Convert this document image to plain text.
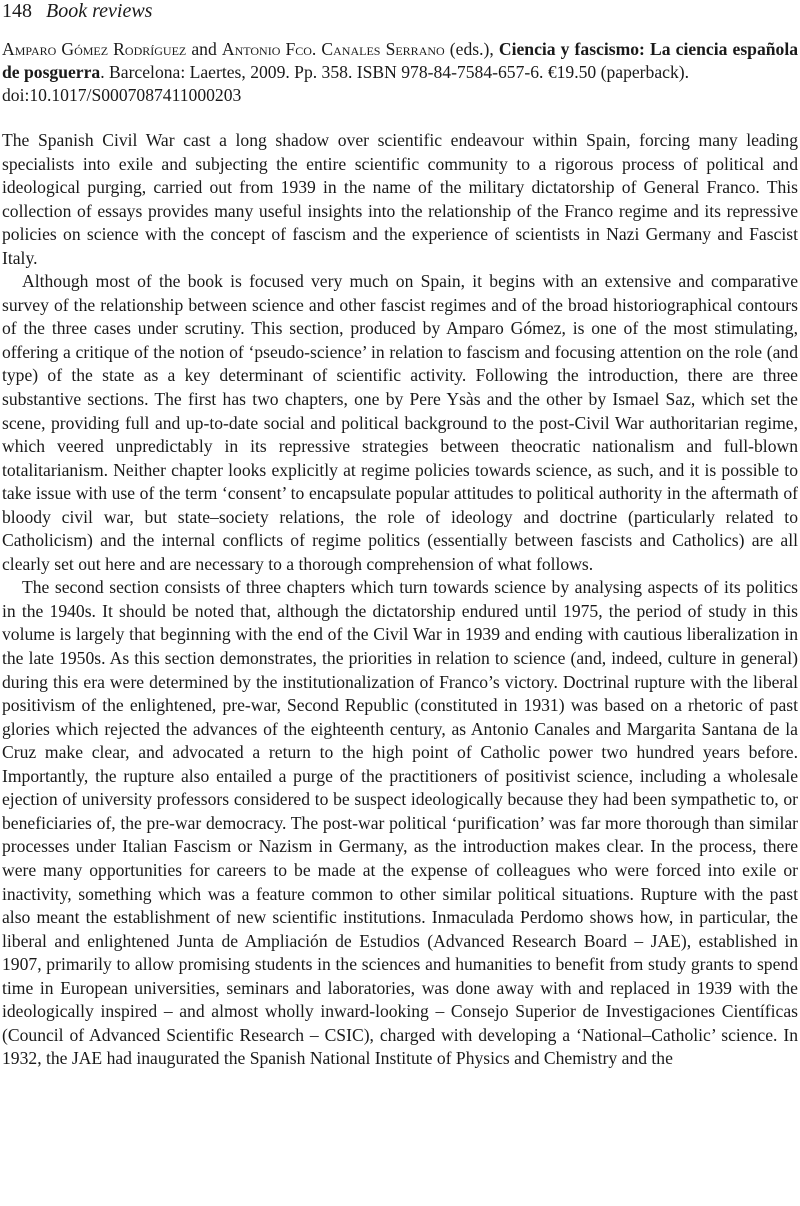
148 Book reviews
Amparo Gómez Rodríguez and Antonio Fco. Canales Serrano (eds.), Ciencia y fascismo: La ciencia española de posguerra. Barcelona: Laertes, 2009. Pp. 358. ISBN 978-84-7584-657-6. €19.50 (paperback).
doi:10.1017/S0007087411000203

The Spanish Civil War cast a long shadow over scientific endeavour within Spain, forcing many leading specialists into exile and subjecting the entire scientific community to a rigorous process of political and ideological purging, carried out from 1939 in the name of the military dictatorship of General Franco. This collection of essays provides many useful insights into the relationship of the Franco regime and its repressive policies on science with the concept of fascism and the experience of scientists in Nazi Germany and Fascist Italy.

Although most of the book is focused very much on Spain, it begins with an extensive and comparative survey of the relationship between science and other fascist regimes and of the broad historiographical contours of the three cases under scrutiny. This section, produced by Amparo Gómez, is one of the most stimulating, offering a critique of the notion of ‘pseudo-science’ in relation to fascism and focusing attention on the role (and type) of the state as a key determinant of scientific activity. Following the introduction, there are three substantive sections. The first has two chapters, one by Pere Ysàs and the other by Ismael Saz, which set the scene, providing full and up-to-date social and political background to the post-Civil War authoritarian regime, which veered unpredictably in its repressive strategies between theocratic nationalism and full-blown totalitarianism. Neither chapter looks explicitly at regime policies towards science, as such, and it is possible to take issue with use of the term ‘consent’ to encapsulate popular attitudes to political authority in the aftermath of bloody civil war, but state–society relations, the role of ideology and doctrine (particularly related to Catholicism) and the internal conflicts of regime politics (essentially between fascists and Catholics) are all clearly set out here and are necessary to a thorough comprehension of what follows.

The second section consists of three chapters which turn towards science by analysing aspects of its politics in the 1940s. It should be noted that, although the dictatorship endured until 1975, the period of study in this volume is largely that beginning with the end of the Civil War in 1939 and ending with cautious liberalization in the late 1950s. As this section demonstrates, the priorities in relation to science (and, indeed, culture in general) during this era were determined by the institutionalization of Franco’s victory. Doctrinal rupture with the liberal positivism of the enlightened, pre-war, Second Republic (constituted in 1931) was based on a rhetoric of past glories which rejected the advances of the eighteenth century, as Antonio Canales and Margarita Santana de la Cruz make clear, and advocated a return to the high point of Catholic power two hundred years before. Importantly, the rupture also entailed a purge of the practitioners of positivist science, including a wholesale ejection of university professors considered to be suspect ideologically because they had been sympathetic to, or beneficiaries of, the pre-war democracy. The post-war political ‘purification’ was far more thorough than similar processes under Italian Fascism or Nazism in Germany, as the introduction makes clear. In the process, there were many opportunities for careers to be made at the expense of colleagues who were forced into exile or inactivity, something which was a feature common to other similar political situations. Rupture with the past also meant the establishment of new scientific institutions. Inmaculada Perdomo shows how, in particular, the liberal and enlightened Junta de Ampliación de Estudios (Advanced Research Board – JAE), established in 1907, primarily to allow promising students in the sciences and humanities to benefit from study grants to spend time in European universities, seminars and laboratories, was done away with and replaced in 1939 with the ideologically inspired – and almost wholly inward-looking – Consejo Superior de Investigaciones Científicas (Council of Advanced Scientific Research – CSIC), charged with developing a ‘National–Catholic’ science. In 1932, the JAE had inaugurated the Spanish National Institute of Physics and Chemistry and the
